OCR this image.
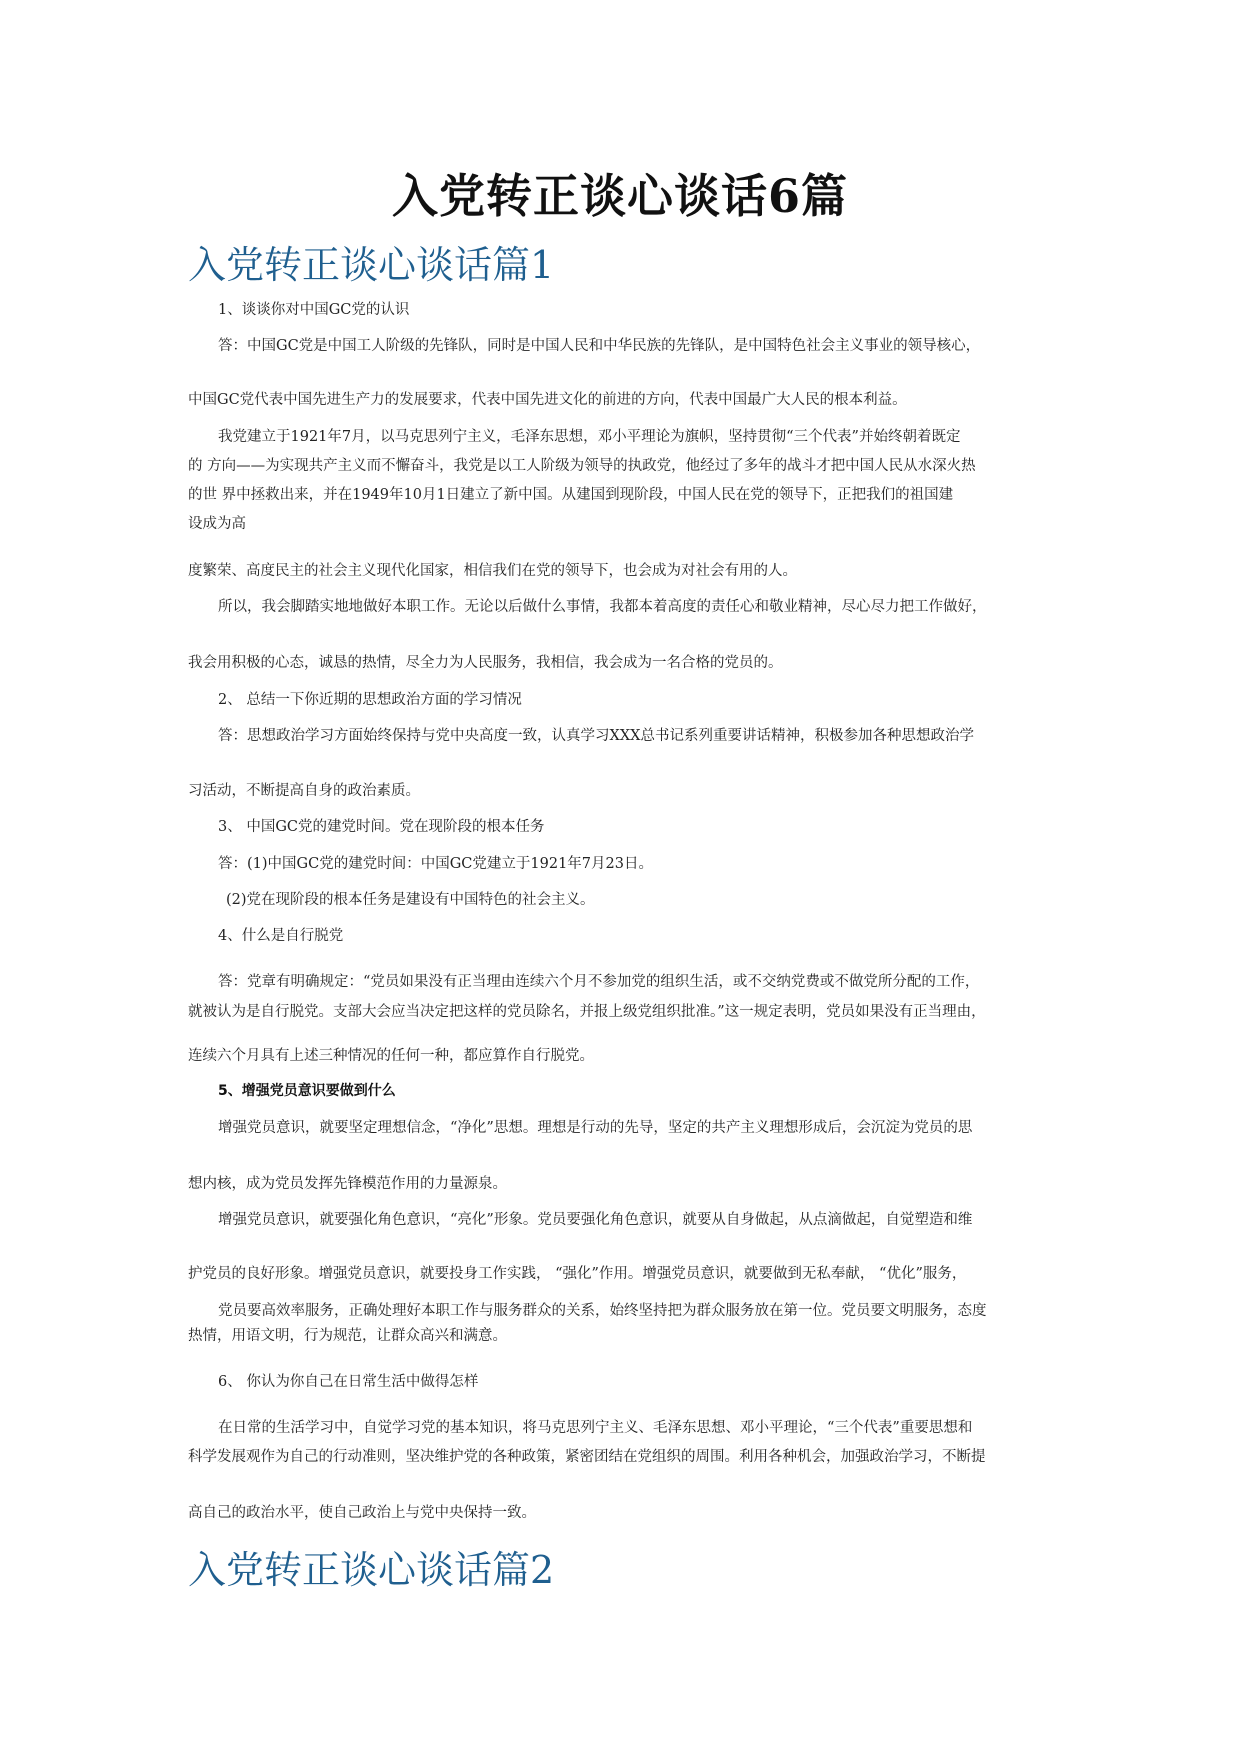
入党转正谈心谈话6篇
入党转正谈心谈话篇1
1、谈谈你对中国GC党的认识
答：中国GC党是中国工人阶级的先锋队，同时是中国人民和中华民族的先锋队，是中国特色社会主义事业的领导核心，
中国GC党代表中国先进生产力的发展要求，代表中国先进文化的前进的方向，代表中国最广大人民的根本利益。
我党建立于1921年7月，以马克思列宁主义，毛泽东思想，邓小平理论为旗帜，坚持贯彻“三个代表”并始终朝着既定
的 方向——为实现共产主义而不懈奋斗，我党是以工人阶级为领导的执政党，他经过了多年的战斗才把中国人民从水深火热
的世 界中拯救出来，并在1949年10月1日建立了新中国。从建国到现阶段，中国人民在党的领导下，正把我们的祖国建
设成为高
度繁荣、高度民主的社会主义现代化国家，相信我们在党的领导下，也会成为对社会有用的人。
所以，我会脚踏实地地做好本职工作。无论以后做什么事情，我都本着高度的责任心和敬业精神，尽心尽力把工作做好，
我会用积极的心态，诚恳的热情，尽全力为人民服务，我相信，我会成为一名合格的党员的。
2、 总结一下你近期的思想政治方面的学习情况
答：思想政治学习方面始终保持与党中央高度一致，认真学习XXX总书记系列重要讲话精神，积极参加各种思想政治学
习活动，不断提高自身的政治素质。
3、 中国GC党的建党时间。党在现阶段的根本任务
答：(1)中国GC党的建党时间：中国GC党建立于1921年7月23日。
(2)党在现阶段的根本任务是建设有中国特色的社会主义。
4、什么是自行脱党
答：党章有明确规定：“党员如果没有正当理由连续六个月不参加党的组织生活，或不交纳党费或不做党所分配的工作，
就被认为是自行脱党。支部大会应当决定把这样的党员除名，并报上级党组织批准。”这一规定表明，党员如果没有正当理由，
连续六个月具有上述三种情况的任何一种，都应算作自行脱党。
5、增强党员意识要做到什么
增强党员意识，就要坚定理想信念，“净化”思想。理想是行动的先导，坚定的共产主义理想形成后，会沉淀为党员的思
想内核，成为党员发挥先锋模范作用的力量源泉。
增强党员意识，就要强化角色意识，“亮化”形象。党员要强化角色意识，就要从自身做起，从点滴做起，自觉塑造和维
护党员的良好形象。增强党员意识，就要投身工作实践， “强化”作用。增强党员意识，就要做到无私奉献， “优化”服务，
党员要高效率服务，正确处理好本职工作与服务群众的关系，始终坚持把为群众服务放在第一位。党员要文明服务，态度
热情，用语文明，行为规范，让群众高兴和满意。
6、 你认为你自己在日常生活中做得怎样
在日常的生活学习中，自觉学习党的基本知识，将马克思列宁主义、毛泽东思想、邓小平理论，“三个代表”重要思想和
科学发展观作为自己的行动准则，坚决维护党的各种政策，紧密团结在党组织的周围。利用各种机会，加强政治学习，不断提
高自己的政治水平，使自己政治上与党中央保持一致。
入党转正谈心谈话篇2
